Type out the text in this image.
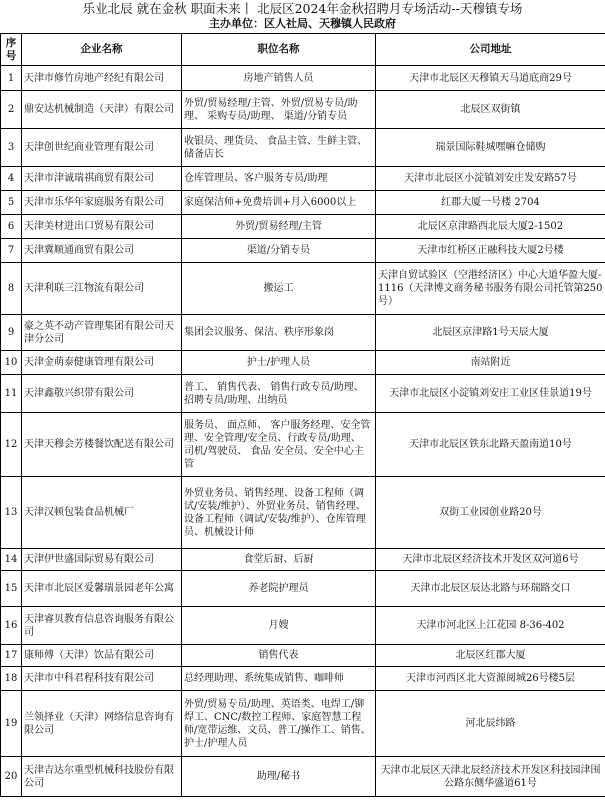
乐业北辰 就在金秋 职面未来丨 北辰区2024年金秋招聘月专场活动--天穆镇专场
主办单位：区人社局、天穆镇人民政府
序号	企业名称	职位名称	公司地址
1	天津市修竹房地产经纪有限公司	房地产销售人员	天津市北辰区天穆镇天马道底商29号
2	鼎安达机械制造（天津）有限公司	外贸/贸易经理/主管、外贸/贸易专员/助理、 采购专员/助理、 渠道/分销专员	北辰区双街镇
3	天津创世纪商业管理有限公司	收银员、理货员、 食品主管、生鲜主管、储备店长	瑞景国际鞋城嘿嘛仓储购
4	天津市津诚瑞祺商贸有限公司	仓库管理员、客户服务专员/助理	天津市北辰区小淀镇刘安庄发安路57号
5	天津市乐华年家庭服务有限公司	家庭保洁师+免费培训+月入6000以上	红郡大厦一号楼 2704
6	天津美材进出口贸易有限公司	外贸/贸易经理/主管	北辰区京津路西北辰大厦2-1502
7	天津冀顺通商贸有限公司	渠道/分销专员	天津市红桥区正融科技大厦2号楼
8	天津利联三江物流有限公司	搬运工	天津自贸试验区（空港经济区）中心大道华盈大厦-1116（天津博文商务秘书服务有限公司托管第250号）
9	豪之英不动产管理集团有限公司天津分公司	集团会议服务、保洁、秩序形象岗	北辰区京津路1号天辰大厦
10	天津金萌泰健康管理有限公司	护士/护理人员	南站附近
11	天津鑫敬兴织带有限公司	普工、 销售代表、 销售行政专员/助理、 招聘专员/助理、出纳员	天津市北辰区小淀镇刘安庄工业区佳景道19号
12	天津天穆会芳楼餐饮配送有限公司	服务员、 面点师、 客户服务经理、安全管理、安全管理/安全员、行政专员/助理、 司机/驾驶员、 食品 安全员、安全中心主管	天津市北辰区铁东北路天盈南道10号
13	天津汉顿包装食品机械厂	外贸业务员、销售经理、设备工程师（调试/安装/维护）、外贸业务员、销售经理、设备工程师（调试/安装/维护）、仓库管理员、机械设计师	双街工业园创业路20号
14	天津伊世盛国际贸易有限公司	食堂后厨、后厨	天津市北辰区经济技术开发区双河道6号
15	天津市北辰区爱馨瑞景园老年公寓	养老院护理员	天津市北辰区辰达北路与环瑞路交口
16	天津睿贝教育信息咨询服务有限公司	月嫂	天津市河北区上江花园 8-36-402
17	康师傅（天津）饮品有限公司	销售代表	北辰区红郡大厦
18	天津市中科君程科技有限公司	总经理助理、系统集成销售、咖啡师	天津市河西区北大资源阅城26号楼5层
19	兰领择业（天津）网络信息咨询有限公司	外贸/贸易专员/助理、英语类、电焊工/铆焊工、CNC/数控工程师、家庭智慧工程师/宽带运维、文员、普工/操作工、销售、护士/护理人员	河北辰纬路
20	天津吉达尔重型机械科技股份有限公司	助理/秘书	天津市北辰区天津北辰经济技术开发区科技园津围公路东侧华盛道61号
